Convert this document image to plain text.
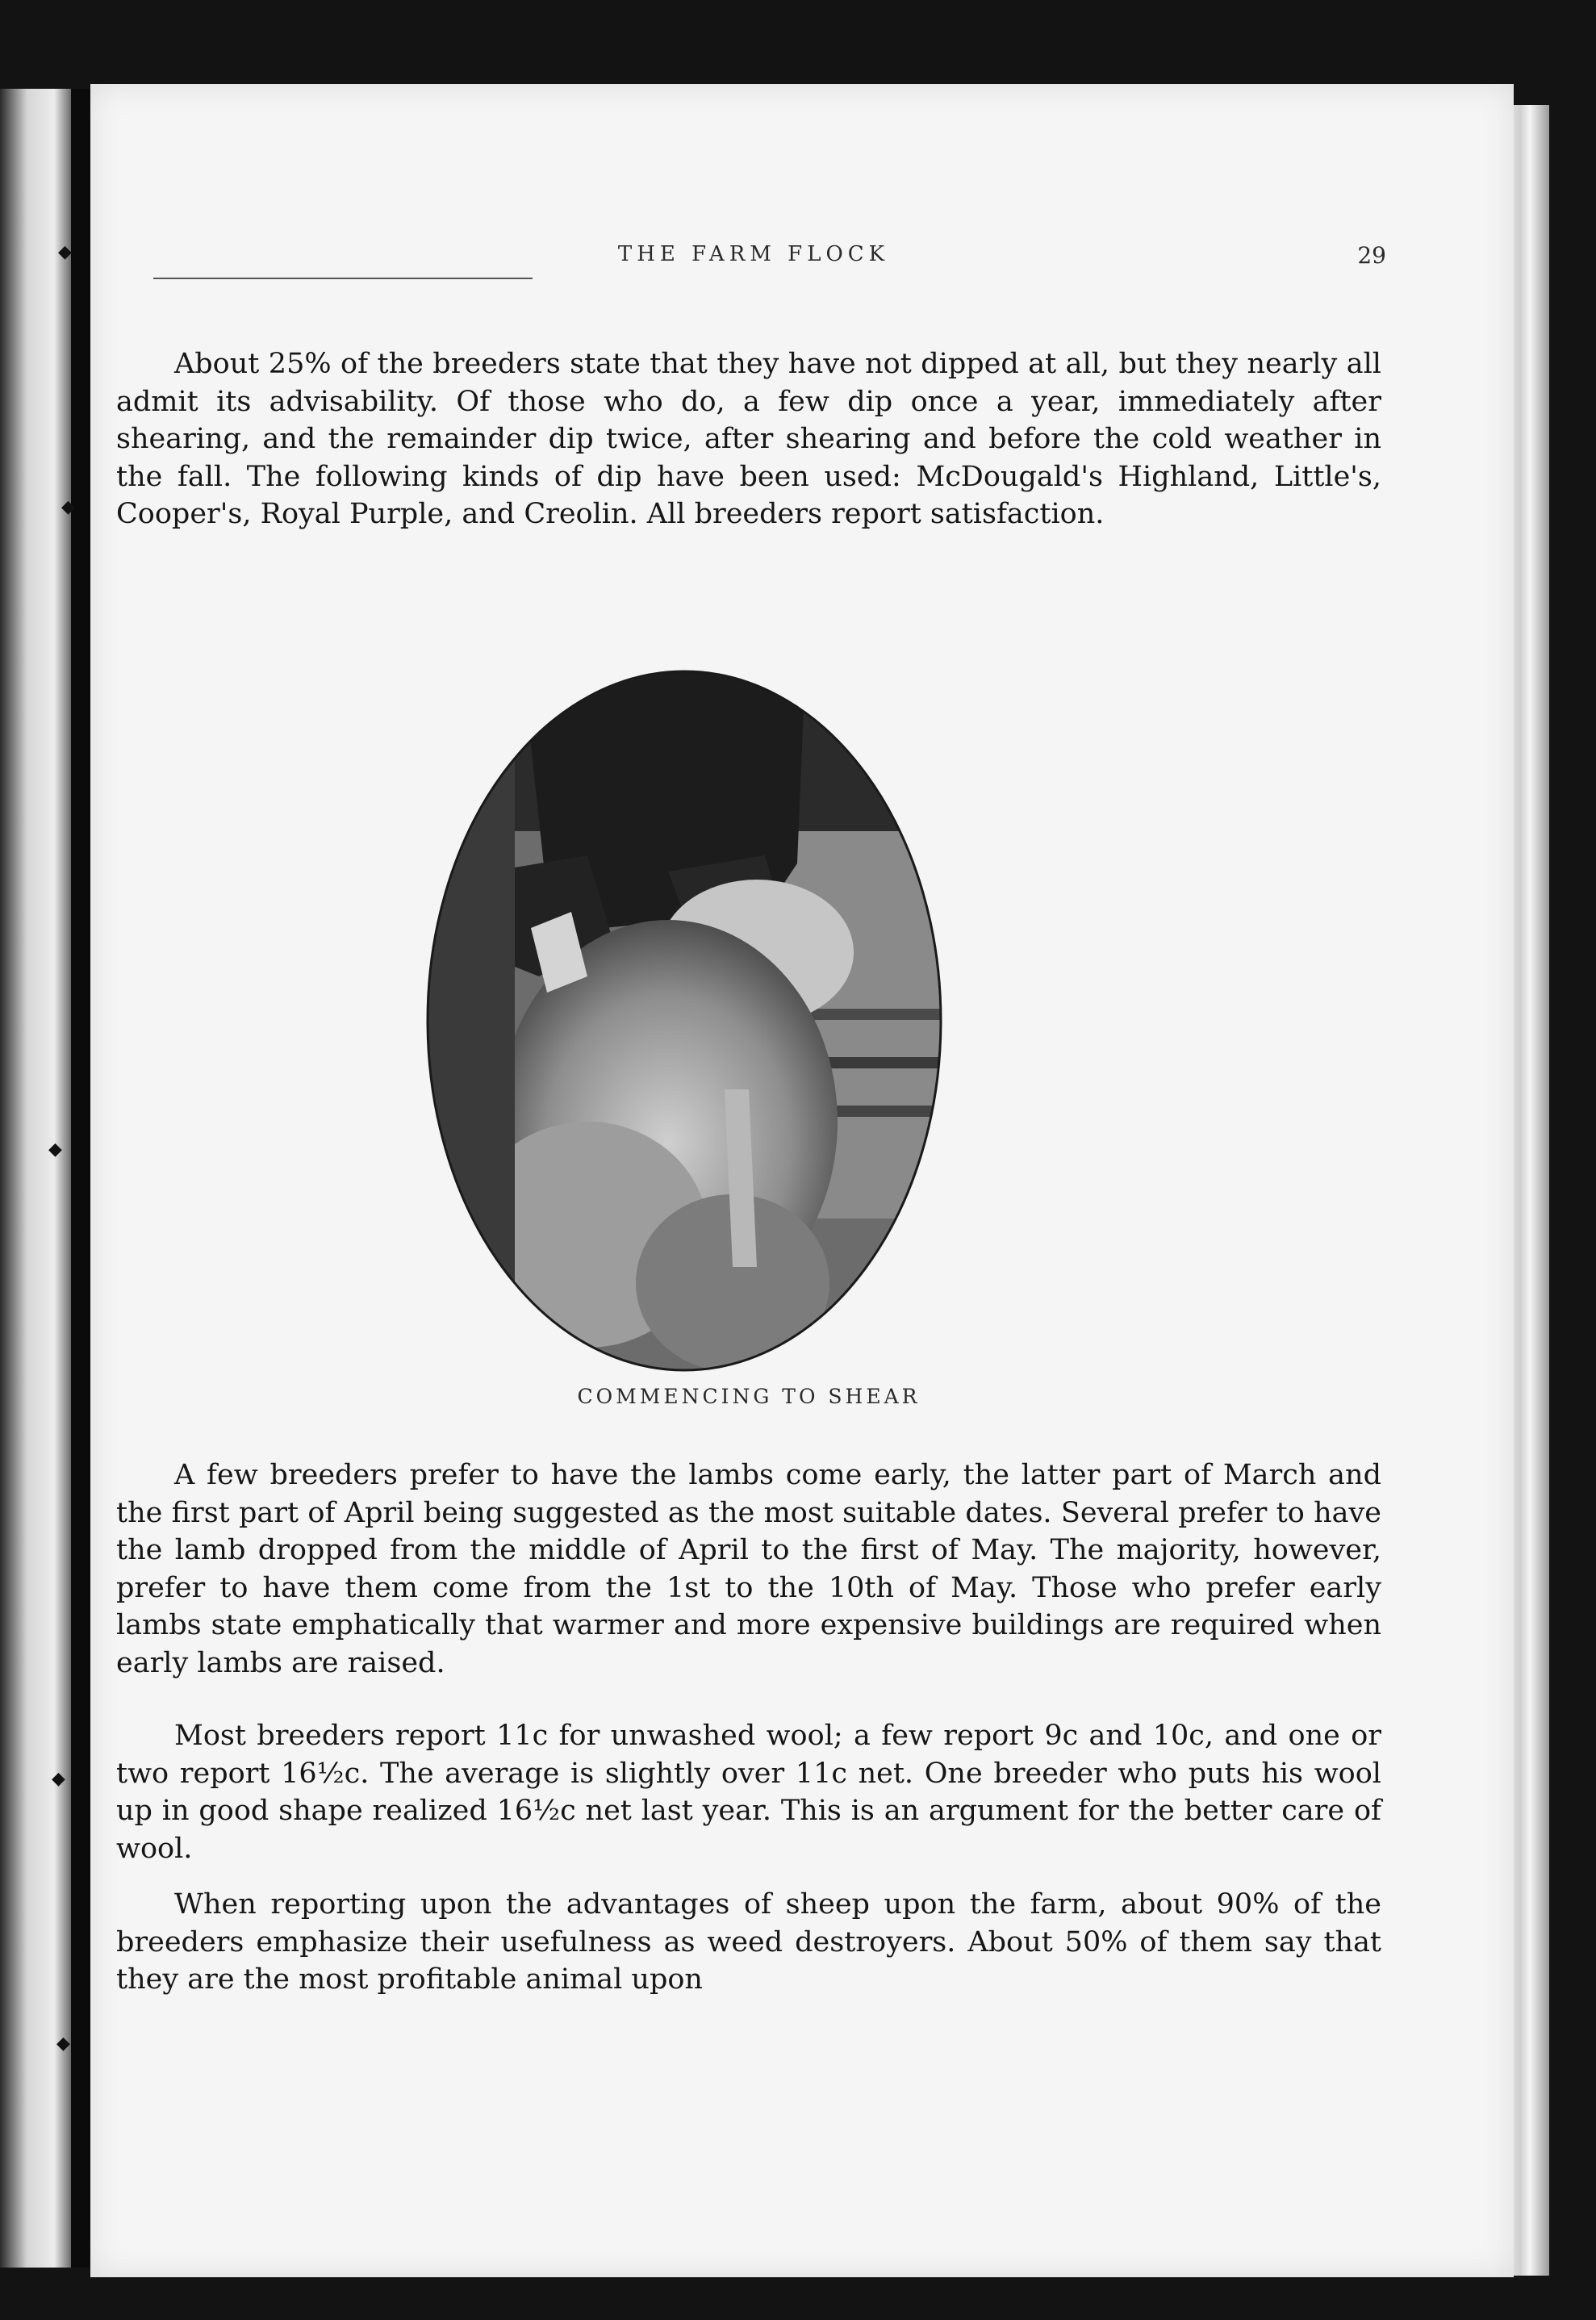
◆
◆
◆
◆
◆
THE FARM FLOCK	29

About 25% of the breeders state that they have not dipped at all, but they nearly all admit its advisability. Of those who do, a few dip once a year, immediately after shearing, and the remainder dip twice, after shearing and before the cold weather in the fall. The following kinds of dip have been used: McDougald's Highland, Little's, Cooper's, Royal Purple, and Creolin. All breeders report satisfaction.

COMMENCING TO SHEAR

A few breeders prefer to have the lambs come early, the latter part of March and the first part of April being suggested as the most suitable dates. Several prefer to have the lamb dropped from the middle of April to the first of May. The majority, however, prefer to have them come from the 1st to the 10th of May. Those who prefer early lambs state emphatically that warmer and more expensive buildings are required when early lambs are raised.

Most breeders report 11c for unwashed wool; a few report 9c and 10c, and one or two report 16½c. The average is slightly over 11c net. One breeder who puts his wool up in good shape realized 16½c net last year. This is an argument for the better care of wool.

When reporting upon the advantages of sheep upon the farm, about 90% of the breeders emphasize their usefulness as weed destroyers. About 50% of them say that they are the most profitable animal upon
